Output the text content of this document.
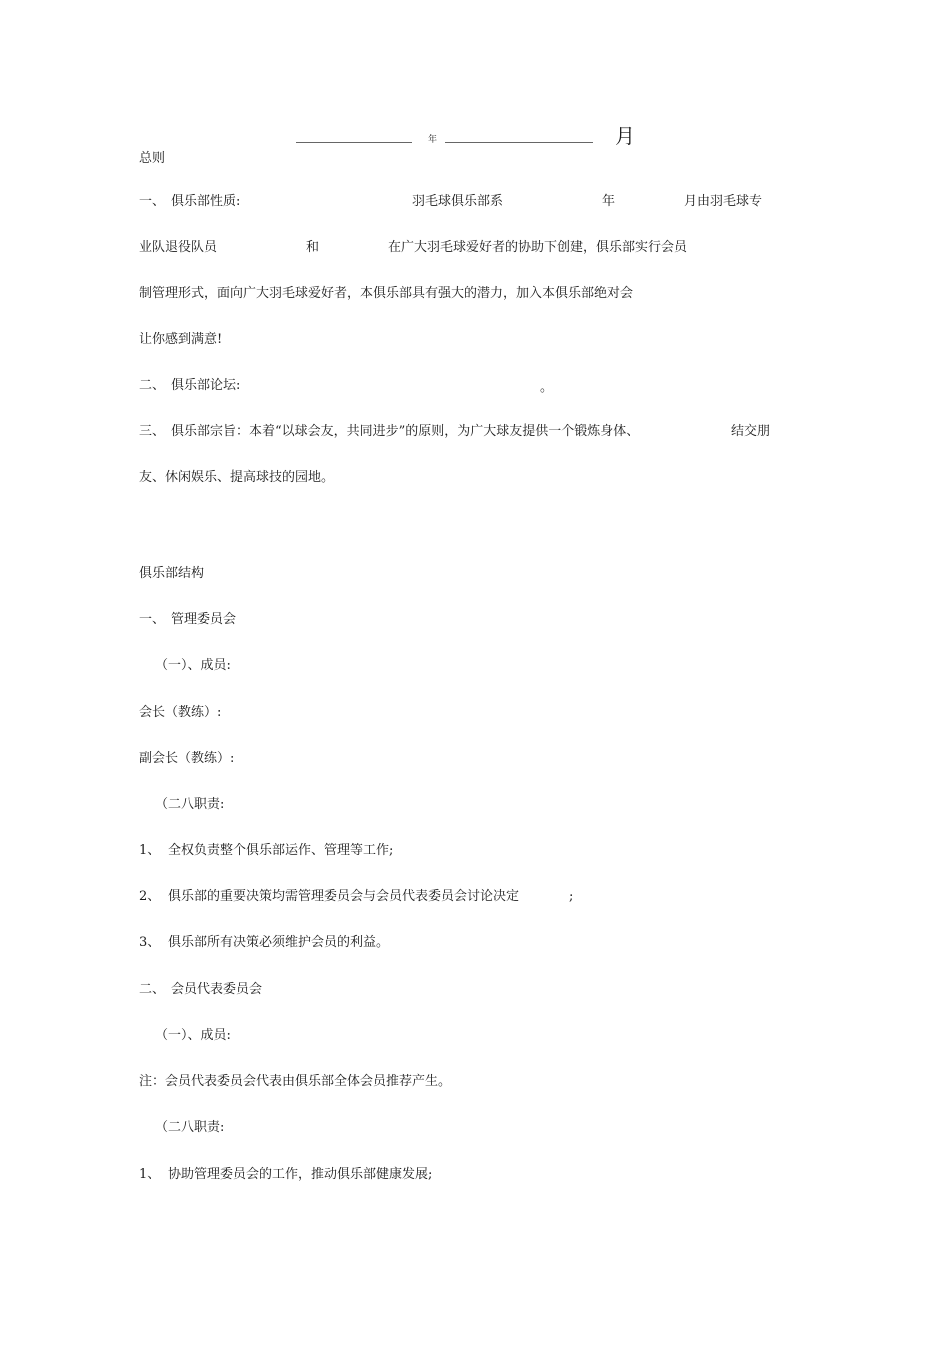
年	月
总则
一、 俱乐部性质:	羽毛球俱乐部系	年	月由羽毛球专
业队退役队员	和	在广大羽毛球爱好者的协助下创建，俱乐部实行会员
制管理形式，面向广大羽毛球爱好者，本俱乐部具有强大的潜力，加入本俱乐部绝对会
让你感到满意!
二、 俱乐部论坛:	。
三、 俱乐部宗旨：本着“以球会友，共同进步”的原则，为广大球友提供一个锻炼身体、	结交朋
友、休闲娱乐、提高球技的园地。
俱乐部结构
一、 管理委员会
（一）、成员:
会长（教练）:
副会长（教练）:
（二八职责:
1、 全权负责整个俱乐部运作、管理等工作;
2、 俱乐部的重要决策均需管理委员会与会员代表委员会讨论决定	;
3、 俱乐部所有决策必须维护会员的利益。
二、 会员代表委员会
（一）、成员:
注：会员代表委员会代表由俱乐部全体会员推荐产生。
（二八职责:
1、 协助管理委员会的工作，推动俱乐部健康发展;
